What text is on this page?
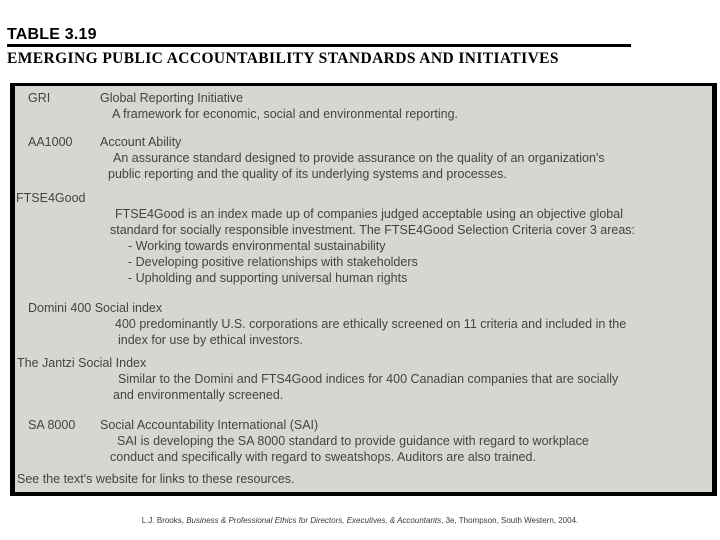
TABLE 3.19
EMERGING PUBLIC ACCOUNTABILITY STANDARDS AND INITIATIVES
GRI	Global Reporting Initiative
A framework for economic, social and environmental reporting.
AA1000 Account Ability
An assurance standard designed to provide assurance on the quality of an organization's
public reporting and the quality of its underlying systems and processes.
FTSE4Good
FTSE4Good is an index made up of companies judged acceptable using an objective global
standard for socially responsible investment. The FTSE4Good Selection Criteria cover 3 areas:
- Working towards environmental sustainability
- Developing positive relationships with stakeholders
- Upholding and supporting universal human rights
Domini 400 Social index
400 predominantly U.S. corporations are ethically screened on 11 criteria and included in the
index for use by ethical investors.
The Jantzi Social Index
Similar to the Domini and FTS4Good indices for 400 Canadian companies that are socially
and environmentally screened.
SA 8000 Social Accountability International (SAI)
SAI is developing the SA 8000 standard to provide guidance with regard to workplace
conduct and specifically with regard to sweatshops. Auditors are also trained.
See the text's website for links to these resources.
L.J. Brooks, Business & Professional Ethics for Directors, Executives, & Accountants, 3e, Thompson, South Western, 2004.
